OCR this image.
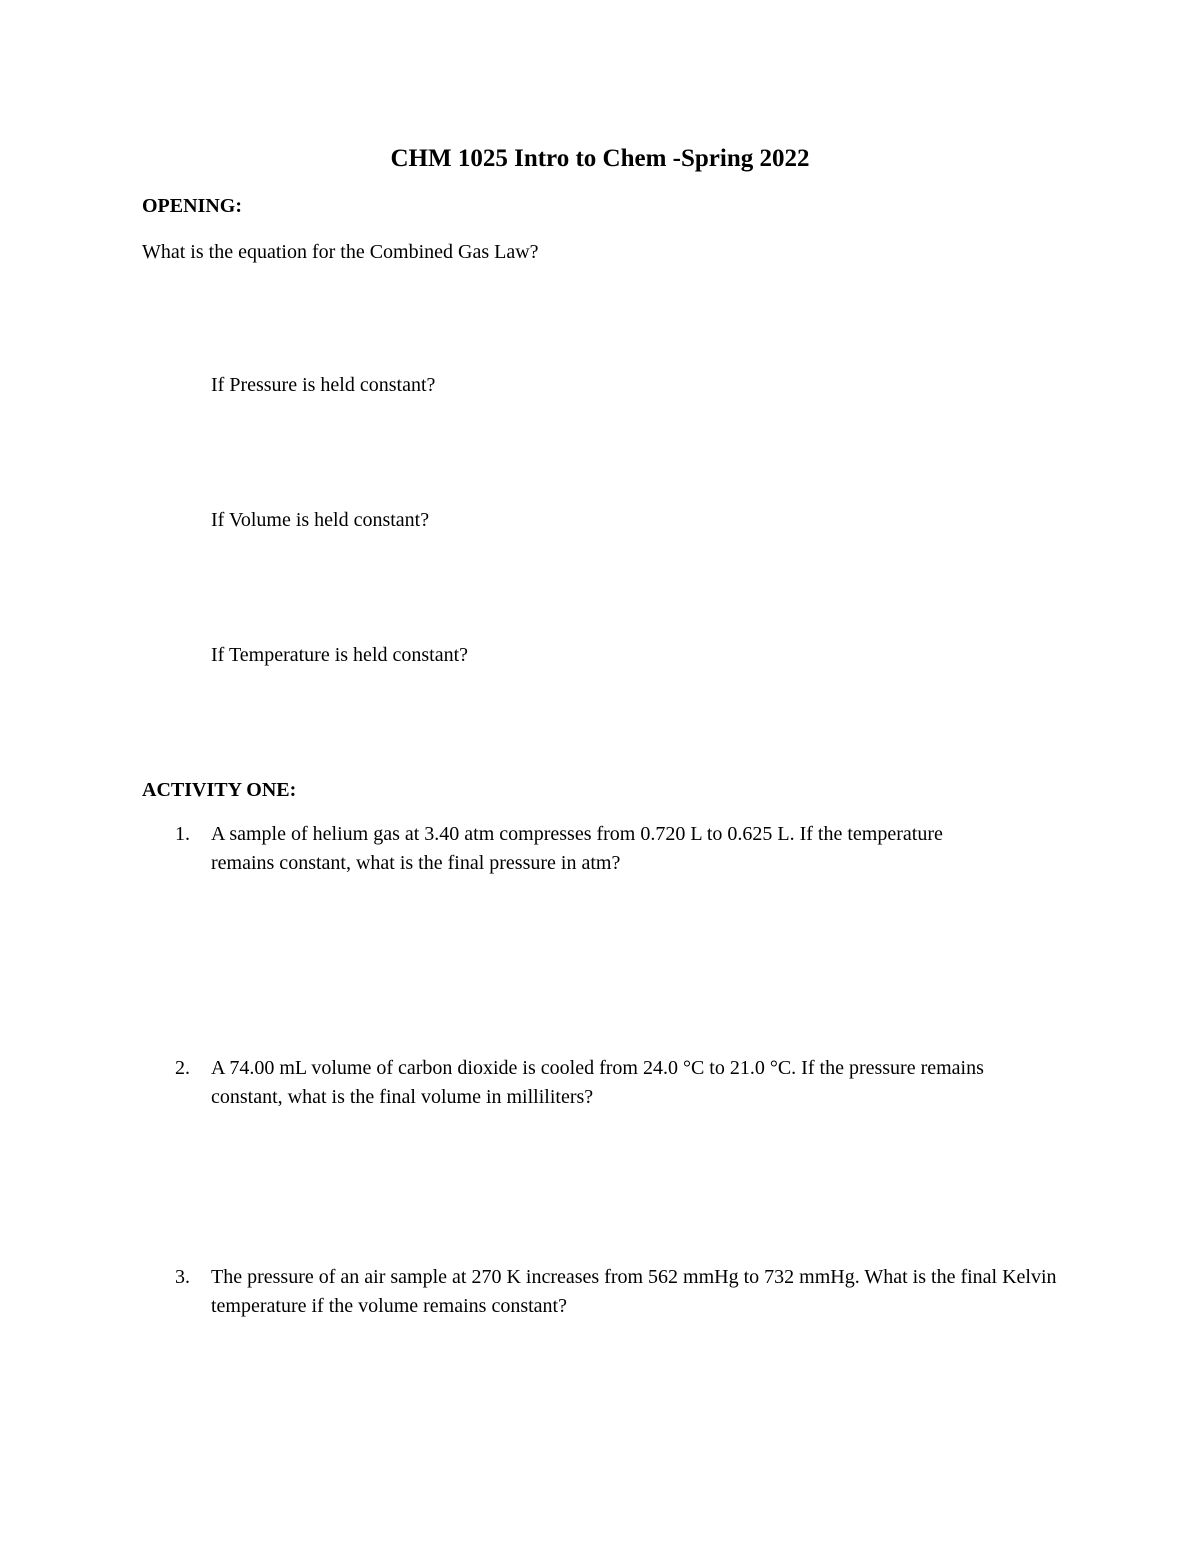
CHM 1025 Intro to Chem -Spring 2022
OPENING:
What is the equation for the Combined Gas Law?
If Pressure is held constant?
If Volume is held constant?
If Temperature is held constant?
ACTIVITY ONE:
1. A sample of helium gas at 3.40 atm compresses from 0.720 L to 0.625 L. If the temperature remains constant, what is the final pressure in atm?
2. A 74.00 mL volume of carbon dioxide is cooled from 24.0 °C to 21.0 °C. If the pressure remains constant, what is the final volume in milliliters?
3. The pressure of an air sample at 270 K increases from 562 mmHg to 732 mmHg. What is the final Kelvin temperature if the volume remains constant?
